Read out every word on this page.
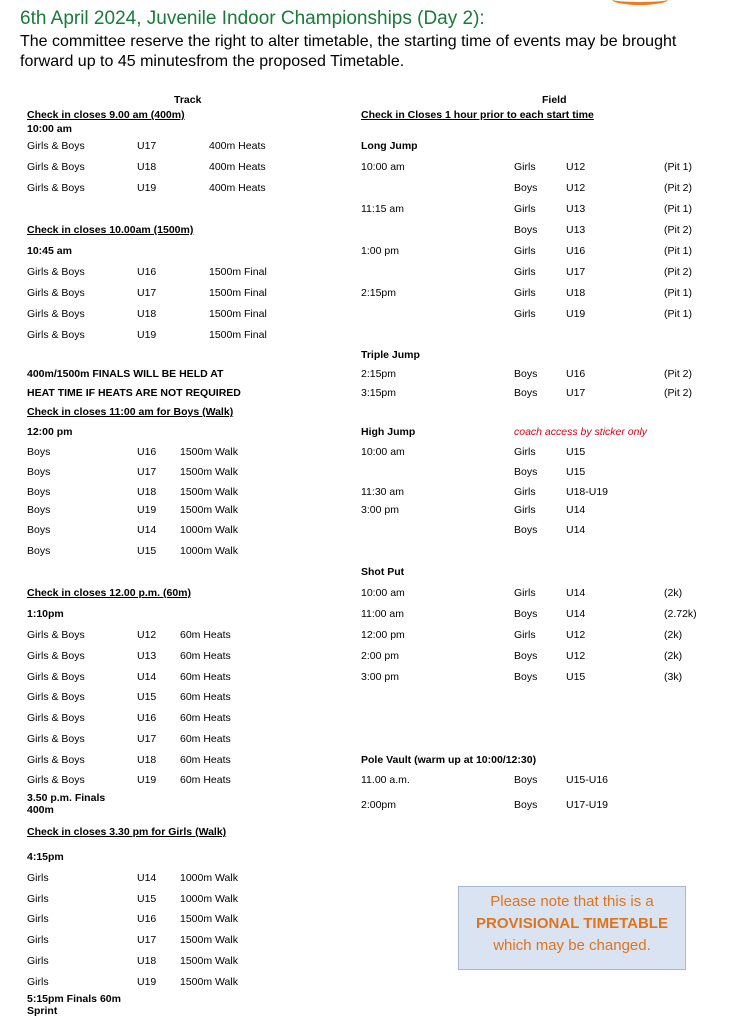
6th April 2024, Juvenile Indoor Championships (Day 2):
The committee reserve the right to alter timetable, the starting time of events may be brought forward up to 45 minutesfrom the proposed Timetable.
Track
Check in closes 9.00 am (400m)
10:00 am
Girls & Boys	U17	400m Heats
Girls & Boys	U18	400m Heats
Girls & Boys	U19	400m Heats
Check in closes 10.00am (1500m)
10:45 am
Girls & Boys	U16	1500m Final
Girls & Boys	U17	1500m Final
Girls & Boys	U18	1500m Final
Girls & Boys	U19	1500m Final
400m/1500m FINALS WILL BE HELD AT
HEAT TIME IF HEATS ARE NOT REQUIRED
Check in closes 11:00 am for Boys (Walk)
12:00 pm
Boys	U16 1500m Walk
Boys	U17 1500m Walk
Boys	U18 1500m Walk
Boys	U19 1500m Walk
Boys	U14 1000m Walk
Boys	U15 1000m Walk
Check in closes 12.00 p.m. (60m)
1:10pm
Girls & Boys	U12 60m Heats
Girls & Boys	U13 60m Heats
Girls & Boys	U14 60m Heats
Girls & Boys	U15 60m Heats
Girls & Boys	U16 60m Heats
Girls & Boys	U17 60m Heats
Girls & Boys	U18 60m Heats
Girls & Boys	U19 60m Heats
3.50 p.m. Finals 400m
Check in closes 3.30 pm for Girls (Walk)
4:15pm
Girls	U14 1000m Walk
Girls	U15 1000m Walk
Girls	U16 1500m Walk
Girls	U17 1500m Walk
Girls	U18 1500m Walk
Girls	U19 1500m Walk
5:15pm Finals 60m Sprint
Field
Check in Closes 1 hour prior to each start time
Long Jump
10:00 am	Girls	U12	(Pit 1)
Boys	U12	(Pit 2)
11:15 am	Girls	U13	(Pit 1)
Boys	U13	(Pit 2)
1:00 pm	Girls	U16	(Pit 1)
Girls	U17	(Pit 2)
2:15pm	Girls	U18	(Pit 1)
Girls	U19	(Pit 1)
Triple Jump
2:15pm	Boys	U16	(Pit 2)
3:15pm	Boys	U17	(Pit 2)
High Jump	coach access by sticker only
10:00 am	Girls	U15
Boys	U15
11:30 am	Girls	U18-U19
3:00 pm	Girls	U14
Boys	U14
Shot Put
10:00 am	Girls	U14	(2k)
11:00 am	Boys	U14	(2.72k)
12:00 pm	Girls	U12	(2k)
2:00 pm	Boys	U12	(2k)
3:00 pm	Boys	U15	(3k)
Pole Vault (warm up at 10:00/12:30)
11.00 a.m.	Boys	U15-U16
2:00pm	Boys	U17-U19
Please note that this is a
PROVISIONAL TIMETABLE
which may be changed.
